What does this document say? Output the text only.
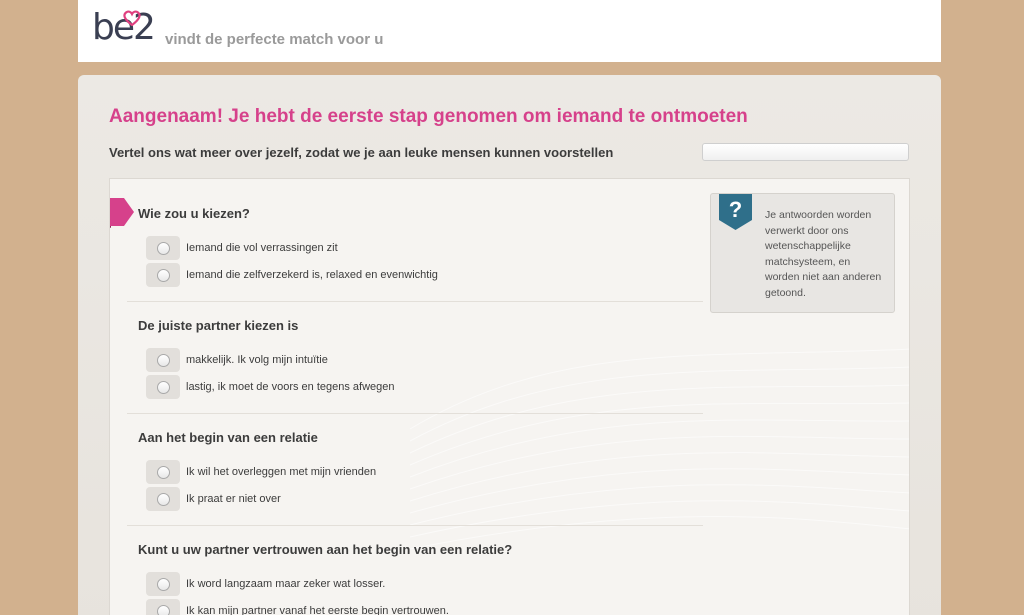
be2 vindt de perfecte match voor u
Aangenaam! Je hebt de eerste stap genomen om iemand te ontmoeten
Vertel ons wat meer over jezelf, zodat we je aan leuke mensen kunnen voorstellen
Wie zou u kiezen?
Iemand die vol verrassingen zit
Iemand die zelfverzekerd is, relaxed en evenwichtig
De juiste partner kiezen is
makkelijk. Ik volg mijn intuïtie
lastig, ik moet de voors en tegens afwegen
Aan het begin van een relatie
Ik wil het overleggen met mijn vrienden
Ik praat er niet over
Kunt u uw partner vertrouwen aan het begin van een relatie?
Ik word langzaam maar zeker wat losser.
Ik kan mijn partner vanaf het eerste begin vertrouwen.
? Je antwoorden worden verwerkt door ons wetenschappelijke matchsysteem, en worden niet aan anderen getoond.
